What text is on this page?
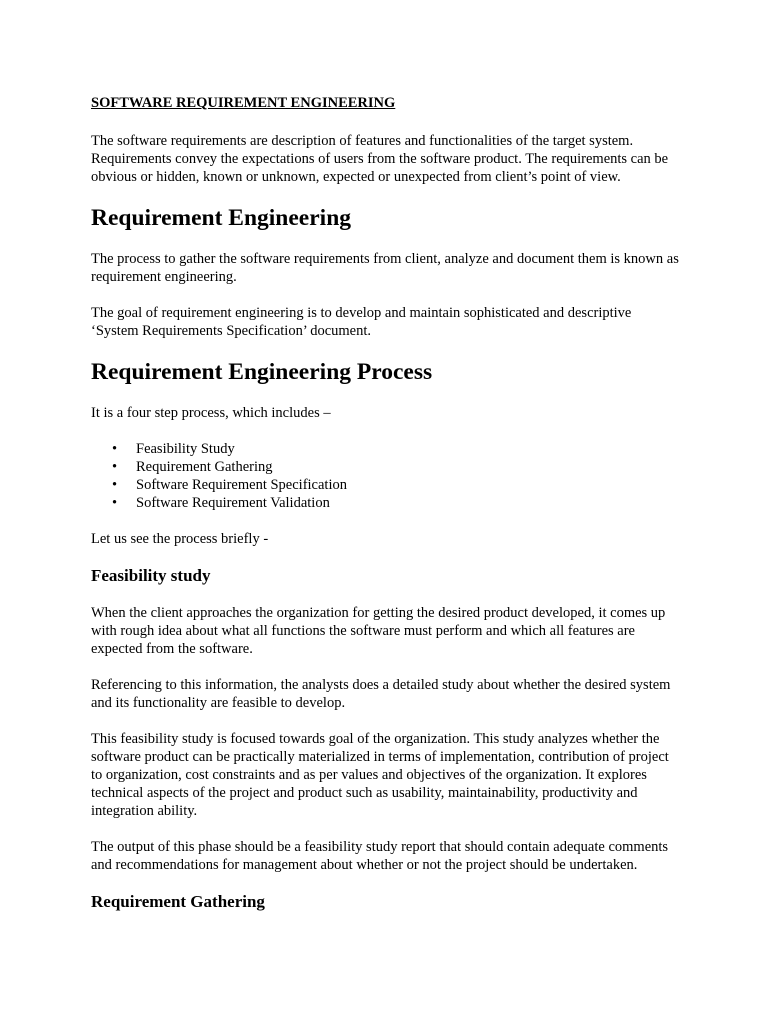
SOFTWARE REQUIREMENT ENGINEERING

The software requirements are description of features and functionalities of the target system. Requirements convey the expectations of users from the software product. The requirements can be obvious or hidden, known or unknown, expected or unexpected from client’s point of view.

Requirement Engineering

The process to gather the software requirements from client, analyze and document them is known as requirement engineering.

The goal of requirement engineering is to develop and maintain sophisticated and descriptive ‘System Requirements Specification’ document.

Requirement Engineering Process

It is a four step process, which includes –

• Feasibility Study
• Requirement Gathering
• Software Requirement Specification
• Software Requirement Validation

Let us see the process briefly -

Feasibility study

When the client approaches the organization for getting the desired product developed, it comes up with rough idea about what all functions the software must perform and which all features are expected from the software.

Referencing to this information, the analysts does a detailed study about whether the desired system and its functionality are feasible to develop.

This feasibility study is focused towards goal of the organization. This study analyzes whether the software product can be practically materialized in terms of implementation, contribution of project to organization, cost constraints and as per values and objectives of the organization. It explores technical aspects of the project and product such as usability, maintainability, productivity and integration ability.

The output of this phase should be a feasibility study report that should contain adequate comments and recommendations for management about whether or not the project should be undertaken.

Requirement Gathering
